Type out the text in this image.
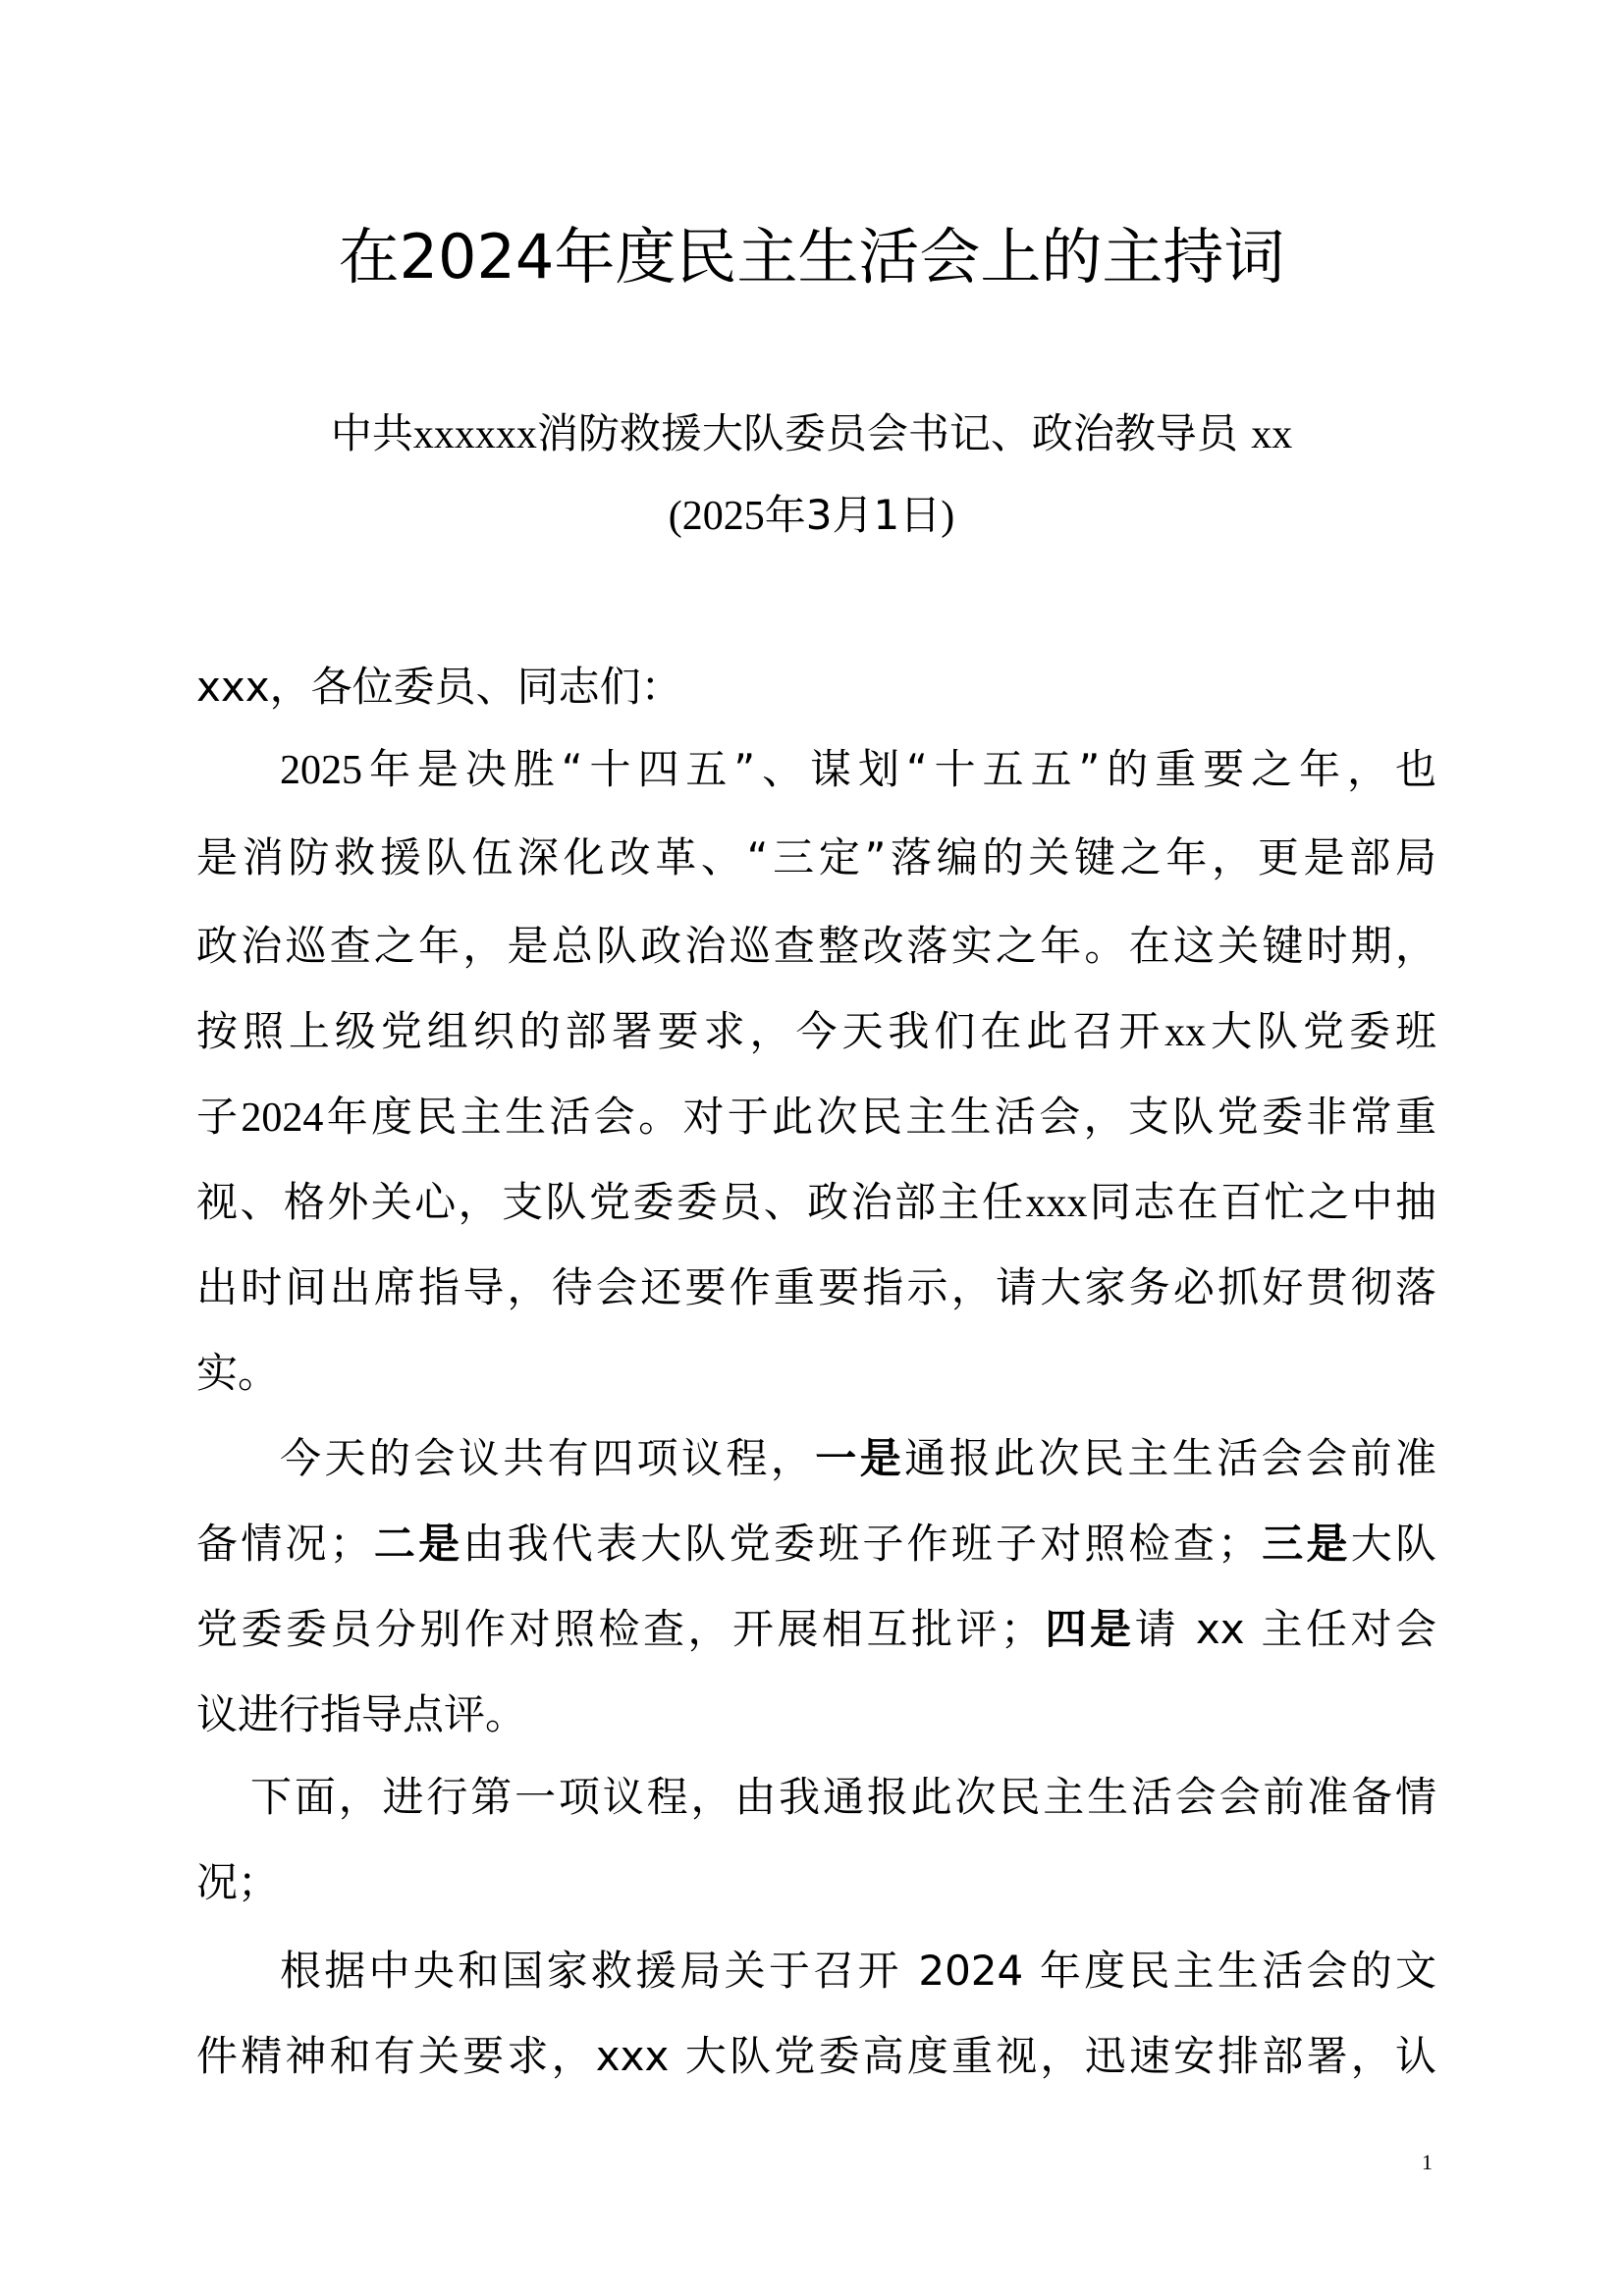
在2024年度民主生活会上的主持词
中共xxxxxx消防救援大队委员会书记、政治教导员 xx
(2025年3月1日)
xxx，各位委员、同志们：
2025年是决胜“十四五”、谋划“十五五”的重要之年，也
是消防救援队伍深化改革、“三定”落编的关键之年，更是部局
政治巡查之年，是总队政治巡查整改落实之年。在这关键时期，
按照上级党组织的部署要求，今天我们在此召开xx大队党委班
子2024年度民主生活会。对于此次民主生活会，支队党委非常重
视、格外关心，支队党委委员、政治部主任xxx同志在百忙之中抽
出时间出席指导，待会还要作重要指示，请大家务必抓好贯彻落
实。
今天的会议共有四项议程，一是通报此次民主生活会会前准
备情况；二是由我代表大队党委班子作班子对照检查；三是大队
党委委员分别作对照检查，开展相互批评；四是请 xx 主任对会
议进行指导点评。
下面，进行第一项议程，由我通报此次民主生活会会前准备情
况；
根据中央和国家救援局关于召开 2024 年度民主生活会的文
件精神和有关要求，xxx 大队党委高度重视，迅速安排部署，认
1
